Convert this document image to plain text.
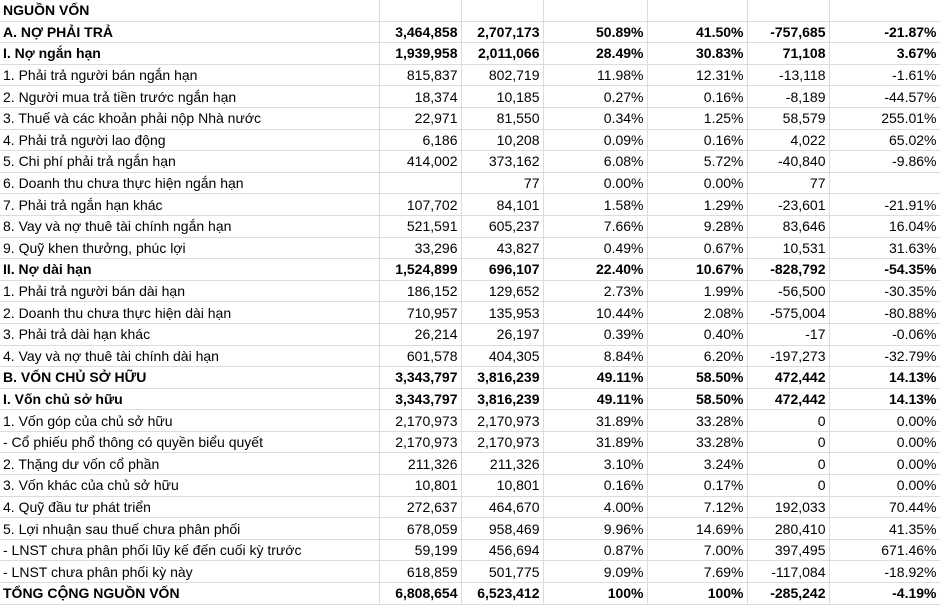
NGUỒN VỐN						
A. NỢ PHẢI TRẢ	3,464,858	2,707,173	50.89%	41.50%	-757,685	-21.87%
I. Nợ ngắn hạn	1,939,958	2,011,066	28.49%	30.83%	71,108	3.67%
1. Phải trả người bán ngắn hạn	815,837	802,719	11.98%	12.31%	-13,118	-1.61%
2. Người mua trả tiền trước ngắn hạn	18,374	10,185	0.27%	0.16%	-8,189	-44.57%
3. Thuế và các khoản phải nộp Nhà nước	22,971	81,550	0.34%	1.25%	58,579	255.01%
4. Phải trả người lao động	6,186	10,208	0.09%	0.16%	4,022	65.02%
5. Chi phí phải trả ngắn hạn	414,002	373,162	6.08%	5.72%	-40,840	-9.86%
6. Doanh thu chưa thực hiện ngắn hạn		77	0.00%	0.00%	77	
7. Phải trả ngắn hạn khác	107,702	84,101	1.58%	1.29%	-23,601	-21.91%
8. Vay và nợ thuê tài chính ngắn hạn	521,591	605,237	7.66%	9.28%	83,646	16.04%
9. Quỹ khen thưởng, phúc lợi	33,296	43,827	0.49%	0.67%	10,531	31.63%
II. Nợ dài hạn	1,524,899	696,107	22.40%	10.67%	-828,792	-54.35%
1. Phải trả người bán dài hạn	186,152	129,652	2.73%	1.99%	-56,500	-30.35%
2. Doanh thu chưa thực hiện dài hạn	710,957	135,953	10.44%	2.08%	-575,004	-80.88%
3. Phải trả dài hạn khác	26,214	26,197	0.39%	0.40%	-17	-0.06%
4. Vay và nợ thuê tài chính dài hạn	601,578	404,305	8.84%	6.20%	-197,273	-32.79%
B. VỐN CHỦ SỞ HỮU	3,343,797	3,816,239	49.11%	58.50%	472,442	14.13%
I. Vốn chủ sở hữu	3,343,797	3,816,239	49.11%	58.50%	472,442	14.13%
1. Vốn góp của chủ sở hữu	2,170,973	2,170,973	31.89%	33.28%	0	0.00%
- Cổ phiếu phổ thông có quyền biểu quyết	2,170,973	2,170,973	31.89%	33.28%	0	0.00%
2. Thặng dư vốn cổ phần	211,326	211,326	3.10%	3.24%	0	0.00%
3. Vốn khác của chủ sở hữu	10,801	10,801	0.16%	0.17%	0	0.00%
4. Quỹ đầu tư phát triển	272,637	464,670	4.00%	7.12%	192,033	70.44%
5. Lợi nhuận sau thuế chưa phân phối	678,059	958,469	9.96%	14.69%	280,410	41.35%
- LNST chưa phân phối lũy kế đến cuối kỳ trước	59,199	456,694	0.87%	7.00%	397,495	671.46%
- LNST chưa phân phối kỳ này	618,859	501,775	9.09%	7.69%	-117,084	-18.92%
TỔNG CỘNG NGUỒN VỐN	6,808,654	6,523,412	100%	100%	-285,242	-4.19%
